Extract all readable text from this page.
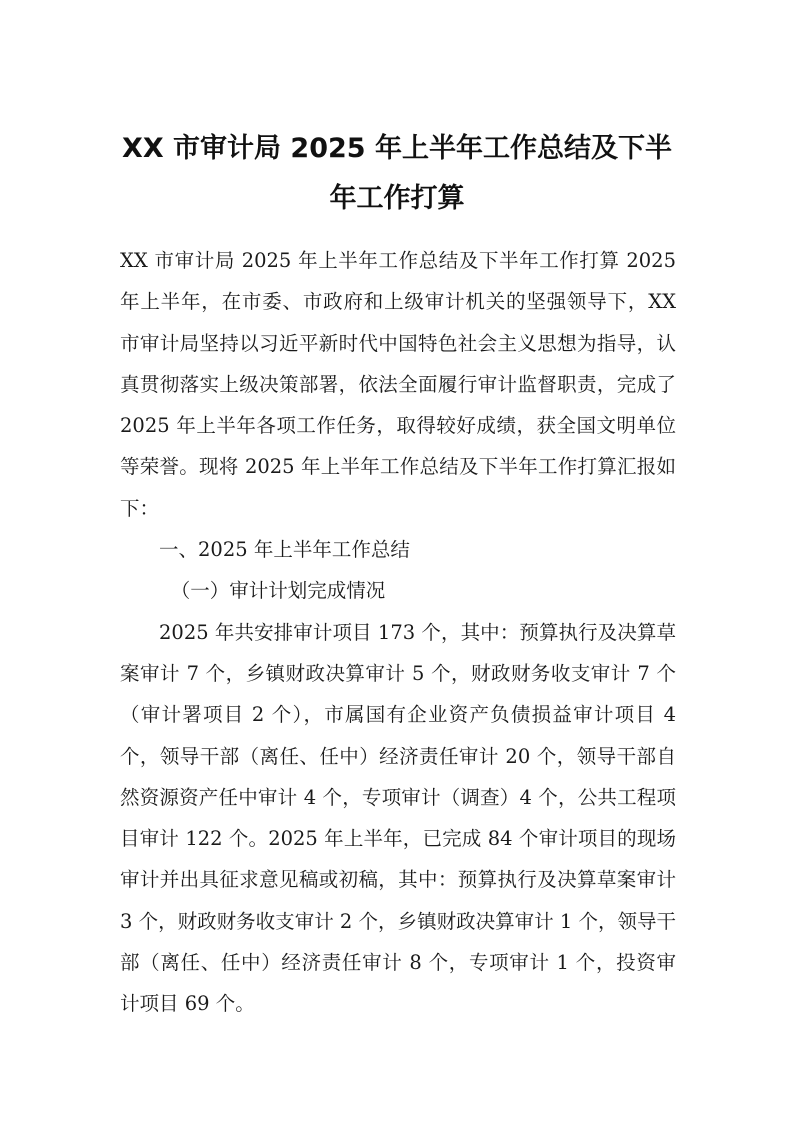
XX 市审计局 2025 年上半年工作总结及下半年工作打算

XX 市审计局 2025 年上半年工作总结及下半年工作打算 2025 年上半年，在市委、市政府和上级审计机关的坚强领导下，XX 市审计局坚持以习近平新时代中国特色社会主义思想为指导，认真贯彻落实上级决策部署，依法全面履行审计监督职责，完成了 2025 年上半年各项工作任务，取得较好成绩，获全国文明单位等荣誉。现将 2025 年上半年工作总结及下半年工作打算汇报如下：

一、2025 年上半年工作总结

（一）审计计划完成情况

2025 年共安排审计项目 173 个，其中：预算执行及决算草案审计 7 个，乡镇财政决算审计 5 个，财政财务收支审计 7 个（审计署项目 2 个），市属国有企业资产负债损益审计项目 4 个，领导干部（离任、任中）经济责任审计 20 个，领导干部自然资源资产任中审计 4 个，专项审计（调查）4 个，公共工程项目审计 122 个。2025 年上半年，已完成 84 个审计项目的现场审计并出具征求意见稿或初稿，其中：预算执行及决算草案审计 3 个，财政财务收支审计 2 个，乡镇财政决算审计 1 个，领导干部（离任、任中）经济责任审计 8 个，专项审计 1 个，投资审计项目 69 个。
